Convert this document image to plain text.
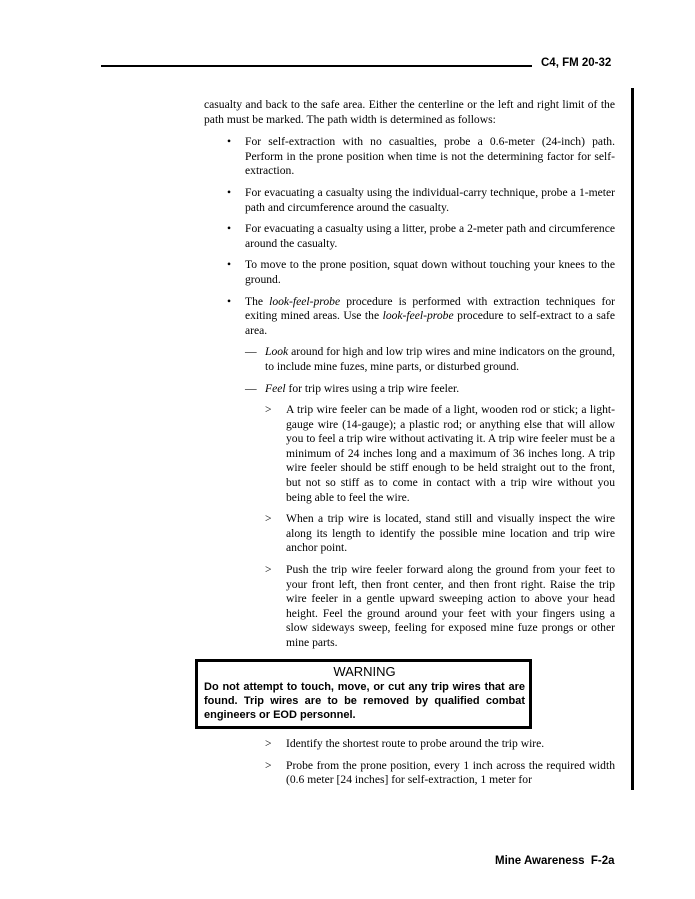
C4, FM 20-32

casualty and back to the safe area. Either the centerline or the left and right limit of the path must be marked. The path width is determined as follows:

• For self-extraction with no casualties, probe a 0.6-meter (24-inch) path. Perform in the prone position when time is not the determining factor for self-extraction.
• For evacuating a casualty using the individual-carry technique, probe a 1-meter path and circumference around the casualty.
• For evacuating a casualty using a litter, probe a 2-meter path and circumference around the casualty.
• To move to the prone position, squat down without touching your knees to the ground.
• The look-feel-probe procedure is performed with extraction techniques for exiting mined areas. Use the look-feel-probe procedure to self-extract to a safe area.
— Look around for high and low trip wires and mine indicators on the ground, to include mine fuzes, mine parts, or disturbed ground.
— Feel for trip wires using a trip wire feeler.
> A trip wire feeler can be made of a light, wooden rod or stick; a light-gauge wire (14-gauge); a plastic rod; or anything else that will allow you to feel a trip wire without activating it. A trip wire feeler must be a minimum of 24 inches long and a maximum of 36 inches long. A trip wire feeler should be stiff enough to be held straight out to the front, but not so stiff as to come in contact with a trip wire without you being able to feel the wire.
> When a trip wire is located, stand still and visually inspect the wire along its length to identify the possible mine location and trip wire anchor point.
> Push the trip wire feeler forward along the ground from your feet to your front left, then front center, and then front right. Raise the trip wire feeler in a gentle upward sweeping action to above your head height. Feel the ground around your feet with your fingers using a slow sideways sweep, feeling for exposed mine fuze prongs or other mine parts.
WARNING
Do not attempt to touch, move, or cut any trip wires that are found. Trip wires are to be removed by qualified combat engineers or EOD personnel.
> Identify the shortest route to probe around the trip wire.
> Probe from the prone position, every 1 inch across the required width (0.6 meter [24 inches] for self-extraction, 1 meter for
Mine Awareness  F-2a
